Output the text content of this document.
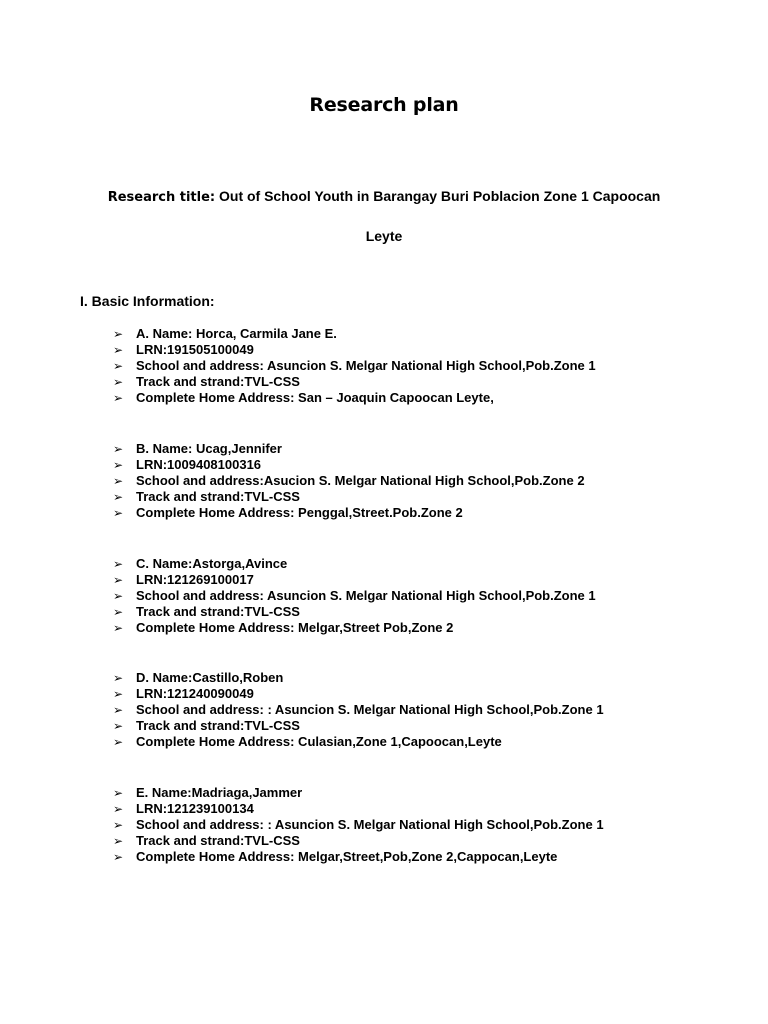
Research plan
Research title: Out of School Youth in Barangay Buri Poblacion Zone 1 Capoocan
Leyte
I. Basic Information:
➢ A. Name: Horca, Carmila Jane E.
➢ LRN:191505100049
➢ School and address: Asuncion S. Melgar National High School,Pob.Zone 1
➢ Track and strand:TVL-CSS
➢ Complete Home Address: San – Joaquin Capoocan Leyte,
➢ B. Name: Ucag,Jennifer
➢ LRN:1009408100316
➢ School and address:Asucion S. Melgar National High School,Pob.Zone 2
➢ Track and strand:TVL-CSS
➢ Complete Home Address: Penggal,Street.Pob.Zone 2
➢ C. Name:Astorga,Avince
➢ LRN:121269100017
➢ School and address: Asuncion S. Melgar National High School,Pob.Zone 1
➢ Track and strand:TVL-CSS
➢ Complete Home Address: Melgar,Street Pob,Zone 2
➢ D. Name:Castillo,Roben
➢ LRN:121240090049
➢ School and address: : Asuncion S. Melgar National High School,Pob.Zone 1
➢ Track and strand:TVL-CSS
➢ Complete Home Address: Culasian,Zone 1,Capoocan,Leyte
➢ E. Name:Madriaga,Jammer
➢ LRN:121239100134
➢ School and address: : Asuncion S. Melgar National High School,Pob.Zone 1
➢ Track and strand:TVL-CSS
➢ Complete Home Address: Melgar,Street,Pob,Zone 2,Cappocan,Leyte
